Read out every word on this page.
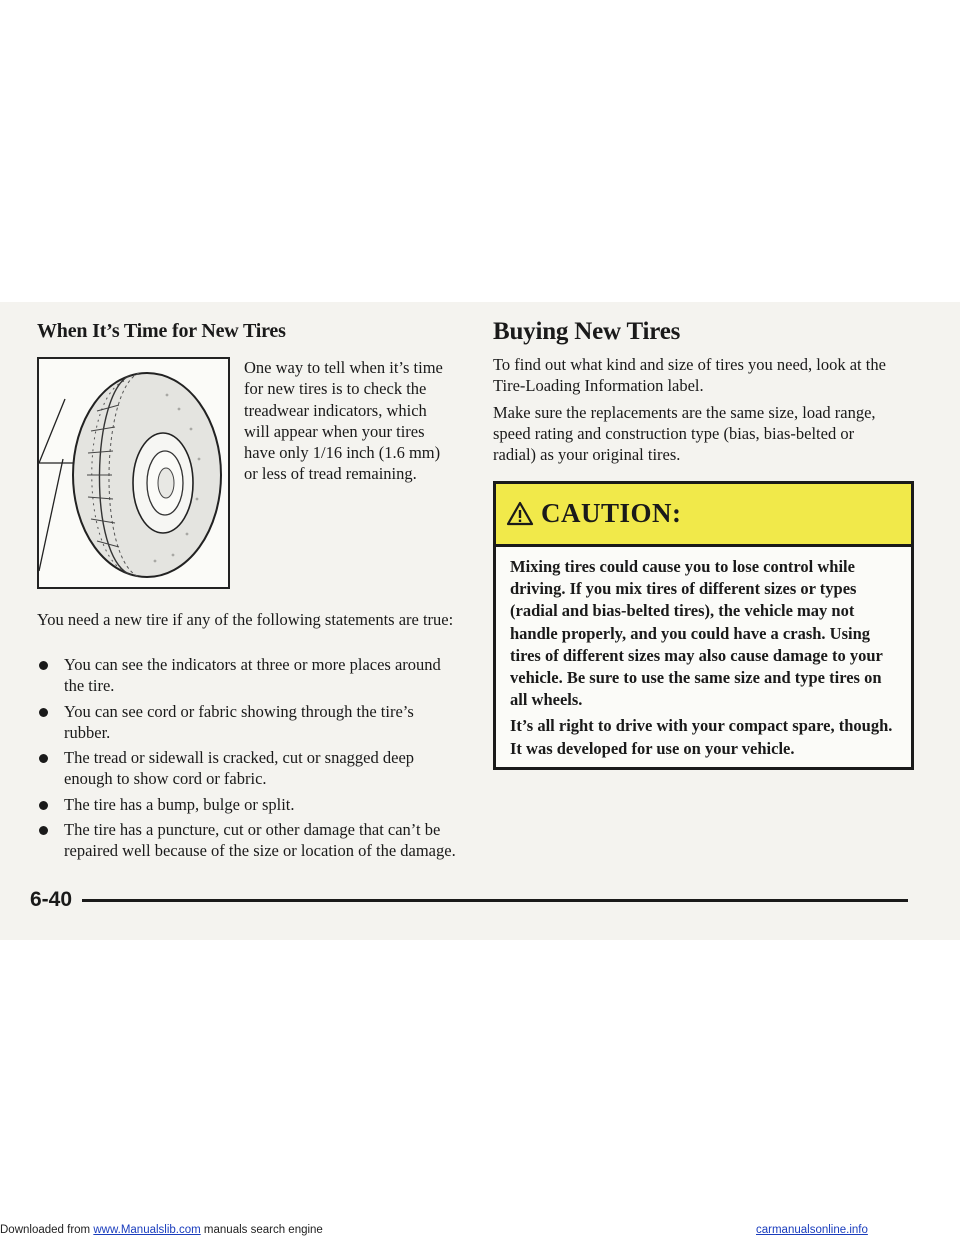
When It’s Time for New Tires

One way to tell when it’s time for new tires is to check the treadwear indicators, which will appear when your tires have only 1/16 inch (1.6 mm) or less of tread remaining.

You need a new tire if any of the following statements are true:

You can see the indicators at three or more places around the tire.
You can see cord or fabric showing through the tire’s rubber.
The tread or sidewall is cracked, cut or snagged deep enough to show cord or fabric.
The tire has a bump, bulge or split.
The tire has a puncture, cut or other damage that can’t be repaired well because of the size or location of the damage.
Buying New Tires

To find out what kind and size of tires you need, look at the Tire-Loading Information label.

Make sure the replacements are the same size, load range, speed rating and construction type (bias, bias-belted or radial) as your original tires.

CAUTION:

Mixing tires could cause you to lose control while driving. If you mix tires of different sizes or types (radial and bias-belted tires), the vehicle may not handle properly, and you could have a crash. Using tires of different sizes may also cause damage to your vehicle. Be sure to use the same size and type tires on all wheels.

It’s all right to drive with your compact spare, though. It was developed for use on your vehicle.

6-40

Downloaded from www.Manualslib.com manuals search engine	carmanualsonline.info
